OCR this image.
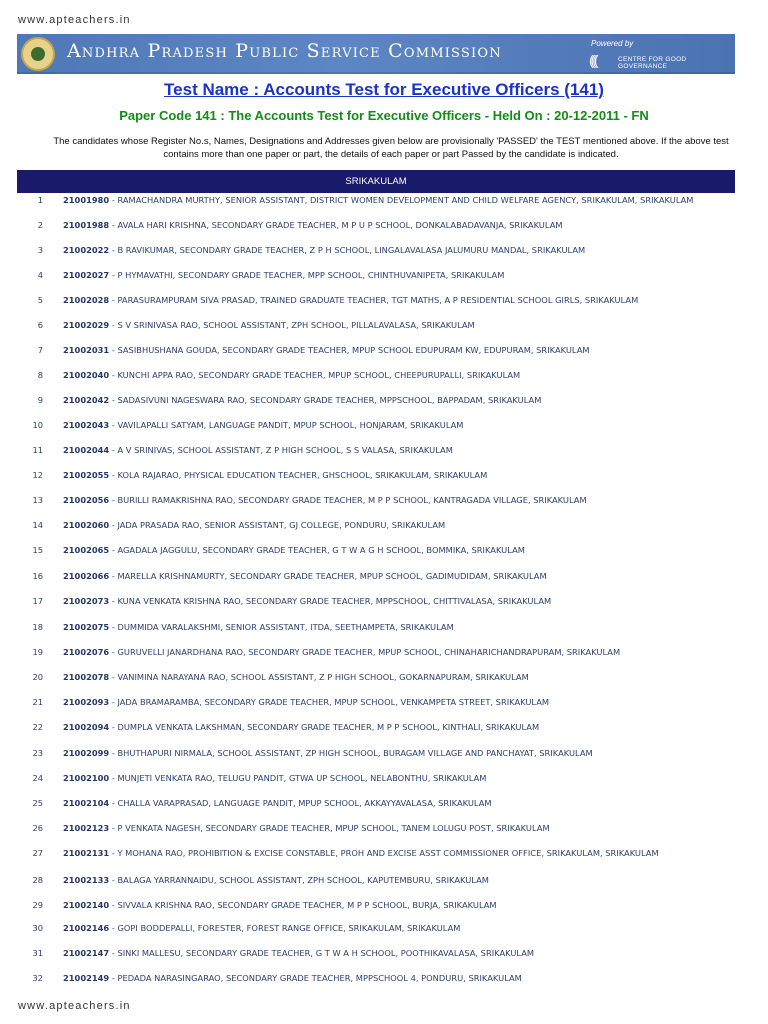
www.apteachers.in
Andhra Pradesh Public Service Commission	Powered by
((((	CENTRE FOR GOOD GOVERNANCE
Test Name : Accounts Test for Executive Officers (141)
Paper Code 141 : The Accounts Test for Executive Officers - Held On : 20-12-2011 - FN
The candidates whose Register No.s, Names, Designations and Addresses given below are provisionally 'PASSED' the TEST mentioned above. If the above test contains more than one paper or part, the details of each paper or part Passed by the candidate is indicated.
SRIKAKULAM
1	21001980 - RAMACHANDRA MURTHY, SENIOR ASSISTANT, DISTRICT WOMEN DEVELOPMENT AND CHILD WELFARE AGENCY, SRIKAKULAM, SRIKAKULAM
2	21001988 - AVALA HARI KRISHNA, SECONDARY GRADE TEACHER, M P U P SCHOOL, DONKALABADAVANJA, SRIKAKULAM
3	21002022 - B RAVIKUMAR, SECONDARY GRADE TEACHER, Z P H SCHOOL, LINGALAVALASA JALUMURU MANDAL, SRIKAKULAM
4	21002027 - P HYMAVATHI, SECONDARY GRADE TEACHER, MPP SCHOOL, CHINTHUVANIPETA, SRIKAKULAM
5	21002028 - PARASURAMPURAM SIVA PRASAD, TRAINED GRADUATE TEACHER, TGT MATHS, A P RESIDENTIAL SCHOOL GIRLS, SRIKAKULAM
6	21002029 - S V SRINIVASA RAO, SCHOOL ASSISTANT, ZPH SCHOOL, PILLALAVALASA, SRIKAKULAM
7	21002031 - SASIBHUSHANA GOUDA, SECONDARY GRADE TEACHER, MPUP SCHOOL EDUPURAM KW, EDUPURAM, SRIKAKULAM
8	21002040 - KUNCHI APPA RAO, SECONDARY GRADE TEACHER, MPUP SCHOOL, CHEEPURUPALLI, SRIKAKULAM
9	21002042 - SADASIVUNI NAGESWARA RAO, SECONDARY GRADE TEACHER, MPPSCHOOL, BAPPADAM, SRIKAKULAM
10	21002043 - VAVILAPALLI SATYAM, LANGUAGE PANDIT, MPUP SCHOOL, HONJARAM, SRIKAKULAM
11	21002044 - A V SRINIVAS, SCHOOL ASSISTANT, Z P HIGH SCHOOL, S S VALASA, SRIKAKULAM
12	21002055 - KOLA RAJARAO, PHYSICAL EDUCATION TEACHER, GHSCHOOL, SRIKAKULAM, SRIKAKULAM
13	21002056 - BURILLI RAMAKRISHNA RAO, SECONDARY GRADE TEACHER, M P P SCHOOL, KANTRAGADA VILLAGE, SRIKAKULAM
14	21002060 - JADA PRASADA RAO, SENIOR ASSISTANT, GJ COLLEGE, PONDURU, SRIKAKULAM
15	21002065 - AGADALA JAGGULU, SECONDARY GRADE TEACHER, G T W A G H SCHOOL, BOMMIKA, SRIKAKULAM
16	21002066 - MARELLA KRISHNAMURTY, SECONDARY GRADE TEACHER, MPUP SCHOOL, GADIMUDIDAM, SRIKAKULAM
17	21002073 - KUNA VENKATA KRISHNA RAO, SECONDARY GRADE TEACHER, MPPSCHOOL, CHITTIVALASA, SRIKAKULAM
18	21002075 - DUMMIDA VARALAKSHMI, SENIOR ASSISTANT, ITDA, SEETHAMPETA, SRIKAKULAM
19	21002076 - GURUVELLI JANARDHANA RAO, SECONDARY GRADE TEACHER, MPUP SCHOOL, CHINAHARICHANDRAPURAM, SRIKAKULAM
20	21002078 - VANIMINA NARAYANA RAO, SCHOOL ASSISTANT, Z P HIGH SCHOOL, GOKARNAPURAM, SRIKAKULAM
21	21002093 - JADA BRAMARAMBA, SECONDARY GRADE TEACHER, MPUP SCHOOL, VENKAMPETA STREET, SRIKAKULAM
22	21002094 - DUMPLA VENKATA LAKSHMAN, SECONDARY GRADE TEACHER, M P P SCHOOL, KINTHALI, SRIKAKULAM
23	21002099 - BHUTHAPURI NIRMALA, SCHOOL ASSISTANT, ZP HIGH SCHOOL, BURAGAM VILLAGE AND PANCHAYAT, SRIKAKULAM
24	21002100 - MUNJETI VENKATA RAO, TELUGU PANDIT, GTWA UP SCHOOL, NELABONTHU, SRIKAKULAM
25	21002104 - CHALLA VARAPRASAD, LANGUAGE PANDIT, MPUP SCHOOL, AKKAYYAVALASA, SRIKAKULAM
26	21002123 - P VENKATA NAGESH, SECONDARY GRADE TEACHER, MPUP SCHOOL, TANEM LOLUGU POST, SRIKAKULAM
27	21002131 - Y MOHANA RAO, PROHIBITION & EXCISE CONSTABLE, PROH AND EXCISE ASST COMMISSIONER OFFICE, SRIKAKULAM, SRIKAKULAM
28	21002133 - BALAGA YARRANNAIDU, SCHOOL ASSISTANT, ZPH SCHOOL, KAPUTEMBURU, SRIKAKULAM
29	21002140 - SIVVALA KRISHNA RAO, SECONDARY GRADE TEACHER, M P P SCHOOL, BURJA, SRIKAKULAM
30	21002146 - GOPI BODDEPALLI, FORESTER, FOREST RANGE OFFICE, SRIKAKULAM, SRIKAKULAM
31	21002147 - SINKI MALLESU, SECONDARY GRADE TEACHER, G T W A H SCHOOL, POOTHIKAVALASA, SRIKAKULAM
32	21002149 - PEDADA NARASINGARAO, SECONDARY GRADE TEACHER, MPPSCHOOL 4, PONDURU, SRIKAKULAM
www.apteachers.in
